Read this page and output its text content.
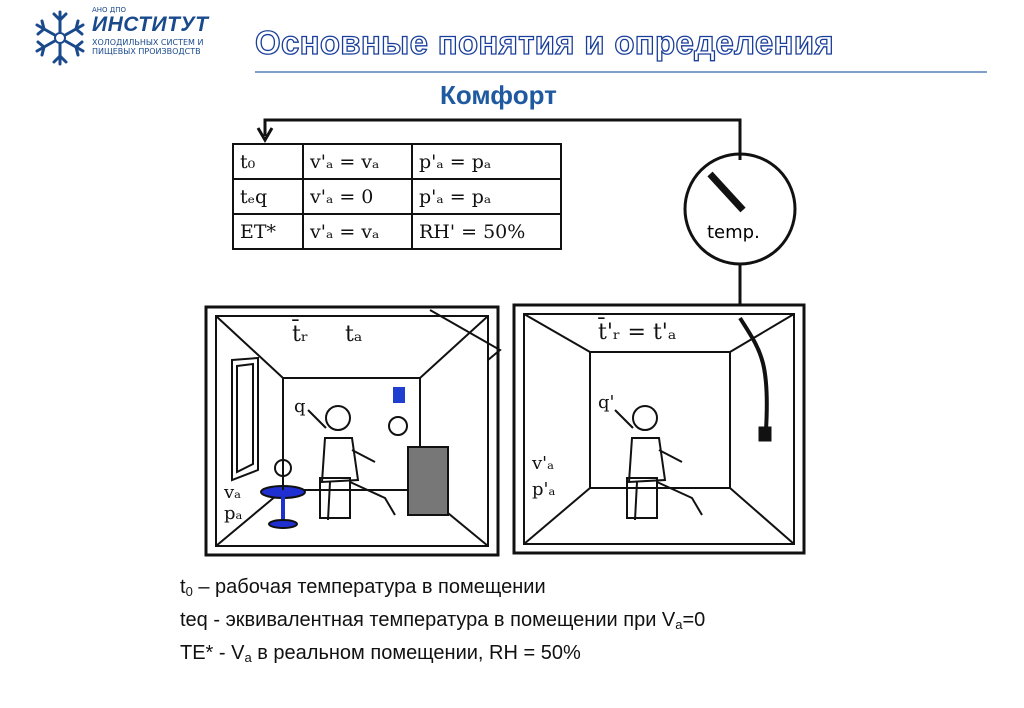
АНО ДПО
ИНСТИТУТ
ХОЛОДИЛЬНЫХ СИСТЕМ И
ПИЩЕВЫХ ПРОИЗВОДСТВ	Основные понятия и определения
Комфорт
t₀	v'ₐ = vₐ	p'ₐ = pₐ
tₑq	v'ₐ = 0	p'ₐ = pₐ
ET*	v'ₐ = vₐ	RH' = 50%	temp.
t̄ᵣ tₐ
q
vₐ
pₐ
t̄'ᵣ = t'ₐ
q'
v'ₐ
p'ₐ
$t_0$ – рабочая температура в помещении
teq - эквивалентная температура в помещении при $V_a=0$
$TE* - V_a$ в реальном помещении, RH = 50%
